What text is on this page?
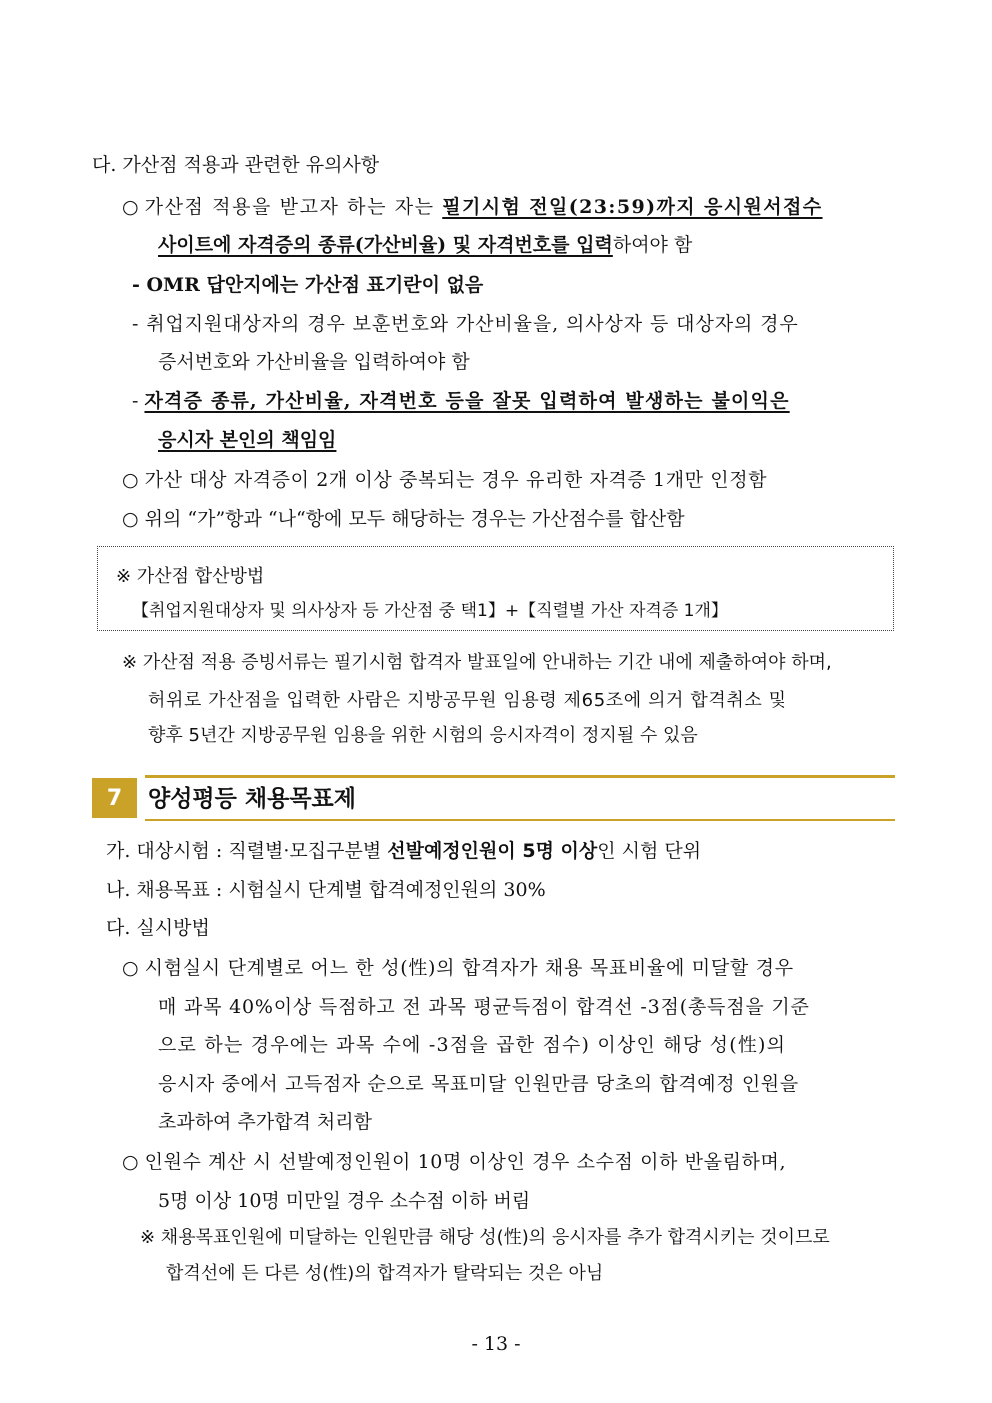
다. 가산점 적용과 관련한 유의사항
○ 가산점 적용을 받고자 하는 자는 필기시험 전일(23:59)까지 응시원서접수
사이트에 자격증의 종류(가산비율) 및 자격번호를 입력하여야 함
- OMR 답안지에는 가산점 표기란이 없음
- 취업지원대상자의 경우 보훈번호와 가산비율을, 의사상자 등 대상자의 경우
증서번호와 가산비율을 입력하여야 함
- 자격증 종류, 가산비율, 자격번호 등을 잘못 입력하여 발생하는 불이익은
응시자 본인의 책임임
○ 가산 대상 자격증이 2개 이상 중복되는 경우 유리한 자격증 1개만 인정함
○ 위의 “가”항과 “나“항에 모두 해당하는 경우는 가산점수를 합산함
※ 가산점 합산방법
【취업지원대상자 및 의사상자 등 가산점 중 택1】+【직렬별 가산 자격증 1개】
※ 가산점 적용 증빙서류는 필기시험 합격자 발표일에 안내하는 기간 내에 제출하여야 하며,
허위로 가산점을 입력한 사람은 지방공무원 임용령 제65조에 의거 합격취소 및
향후 5년간 지방공무원 임용을 위한 시험의 응시자격이 정지될 수 있음
7	양성평등 채용목표제
가. 대상시험 : 직렬별·모집구분별 선발예정인원이 5명 이상인 시험 단위
나. 채용목표 : 시험실시 단계별 합격예정인원의 30%
다. 실시방법
○ 시험실시 단계별로 어느 한 성(性)의 합격자가 채용 목표비율에 미달할 경우
매 과목 40%이상 득점하고 전 과목 평균득점이 합격선 -3점(총득점을 기준
으로 하는 경우에는 과목 수에 -3점을 곱한 점수) 이상인 해당 성(性)의
응시자 중에서 고득점자 순으로 목표미달 인원만큼 당초의 합격예정 인원을
초과하여 추가합격 처리함
○ 인원수 계산 시 선발예정인원이 10명 이상인 경우 소수점 이하 반올림하며,
5명 이상 10명 미만일 경우 소수점 이하 버림
※ 채용목표인원에 미달하는 인원만큼 해당 성(性)의 응시자를 추가 합격시키는 것이므로
합격선에 든 다른 성(性)의 합격자가 탈락되는 것은 아님
- 13 -
